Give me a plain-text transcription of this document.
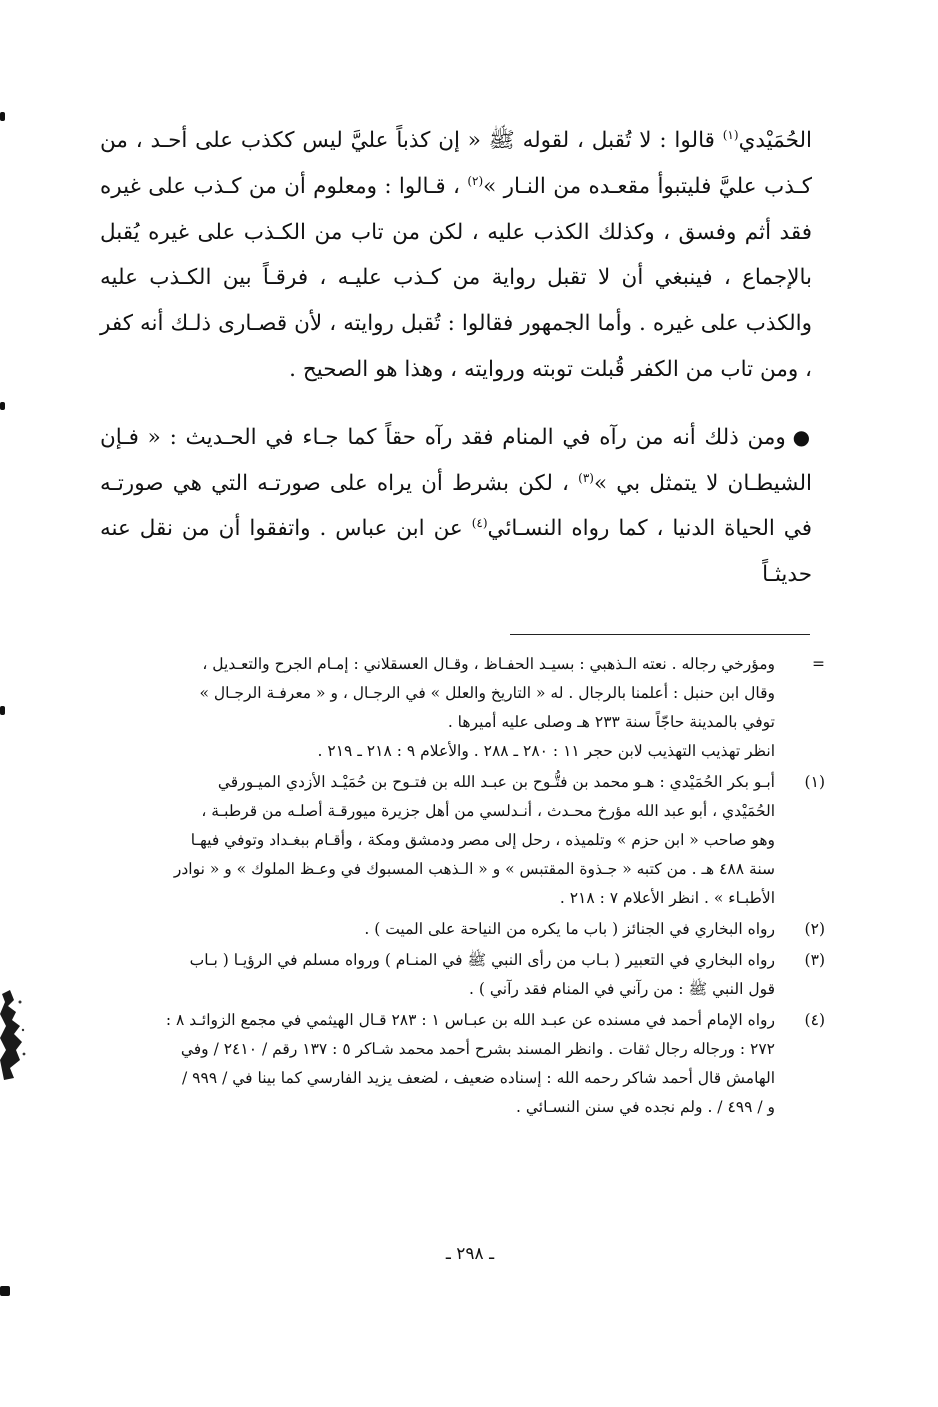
الحُمَيْدي$^{(١)}$ قالوا : لا تُقبل ، لقوله ﷺ « إن كذباً عليَّ ليس ككذب على أحـد ، من كـذب عليَّ فليتبوأ مقعـده من النـار »$^{(٢)}$ ، قـالوا : ومعلوم أن من كـذب على غيره فقد أثم وفسق ، وكذلك الكذب عليه ، لكن من تاب من الكـذب على غيره يُقبل بالإجماع ، فينبغي أن لا تقبل رواية من كـذب عليـه ، فرقـاً بين الكـذب عليه والكذب على غيره . وأما الجمهور فقالوا : تُقبل روايته ، لأن قصـارى ذلـك أنه كفر ، ومن تاب من الكفر قُبلت توبته وروايته ، وهذا هو الصحيح .

● ومن ذلك أنه من رآه في المنام فقد رآه حقاً كما جـاء في الحـديث : « فـإن الشيطـان لا يتمثل بي »$^{(٣)}$ ، لكن بشرط أن يراه على صورتـه التي هي صورتـه في الحياة الدنيا ، كما رواه النسـائي$^{(٤)}$ عن ابن عباس . واتفقوا أن من نقل عنه حديثـاً

=
ومؤرخي رجاله . نعته الـذهبي : بسيـد الحفـاظ ، وقـال العسقلاني : إمـام الجرح والتعـديل ،
وقال ابن حنبل : أعلمنا بالرجال . له « التاريخ والعلل » في الرجـال ، و « معرفـة الرجـال »
توفي بالمدينة حاجّاً سنة ٢٣٣ هـ وصلى عليه أميرها .
انظر تهذيب التهذيب لابن حجر ١١ : ٢٨٠ ـ ٢٨٨ . والأعلام ٩ : ٢١٨ ـ ٢١٩ .
(١)
أبـو بكر الحُمَيْدي : هـو محمد بن فتُّـوح بن عبـد الله بن فتـوح بن حُمَيْـد الأزدي الميـورقي
الحُمَيْدي ، أبو عبد الله مؤرخ محـدث ، أنـدلسي من أهل جزيرة ميورقـة أصلـه من قرطبـة ،
وهو صاحب « ابن حزم » وتلميذه ، رحل إلى مصر ودمشق ومكة ، وأقـام ببغـداد وتوفي فيهـا
سنة ٤٨٨ هـ . من كتبه « جـذوة المقتبس » و « الـذهب المسبوك في وعـظ الملوك » و « نوادر
الأطبـاء » . انظر الأعلام ٧ : ٢١٨ .
(٢)
رواه البخاري في الجنائز ( باب ما يكره من النياحة على الميت ) .
(٣)
رواه البخاري في التعبير ( بـاب من رأى النبي ﷺ في المنـام ) ورواه مسلم في الرؤيـا ( بـاب
قول النبي ﷺ : من رآني في المنام فقد رآني ) .
(٤)
رواه الإمام أحمد في مسنده عن عبـد الله بن عبـاس ١ : ٢٨٣ قـال الهيثمي في مجمع الزوائـد ٨ :
٢٧٢ : ورجاله رجال ثقات . وانظر المسند بشرح أحمد محمد شـاكر ٥ : ١٣٧ رقم / ٢٤١٠ / وفي
الهامش قال أحمد شاكر رحمه الله : إسناده ضعيف ، لضعف يزيد الفارسي كما بينا في / ٩٩٩ /
و / ٤٩٩ / . ولم نجده في سنن النسـائي .
ـ ٢٩٨ ـ
